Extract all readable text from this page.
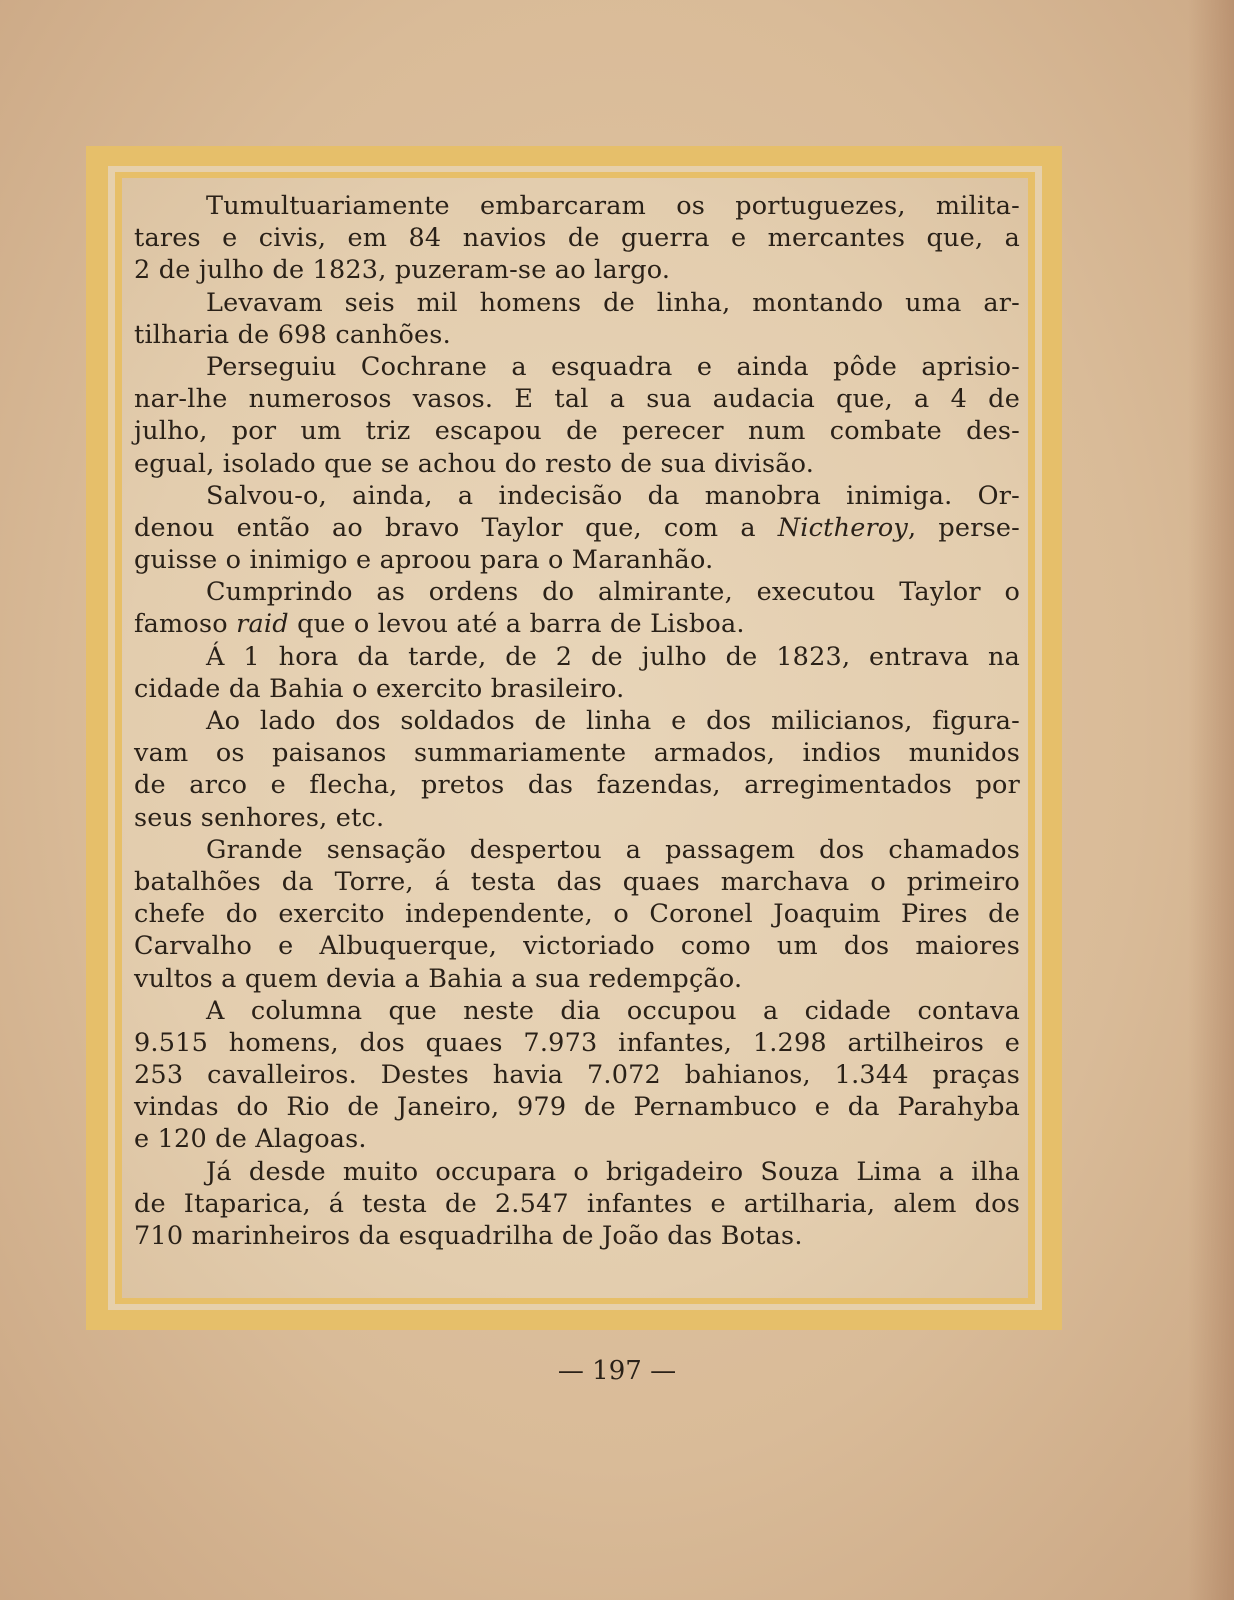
Tumultuariamente embarcaram os portuguezes, milita-
tares e civis, em 84 navios de guerra e mercantes que, a
2 de julho de 1823, puzeram-se ao largo.
Levavam seis mil homens de linha, montando uma ar-
tilharia de 698 canhões.
Perseguiu Cochrane a esquadra e ainda pôde aprisio-
nar-lhe numerosos vasos. E tal a sua audacia que, a 4 de
julho, por um triz escapou de perecer num combate des-
egual, isolado que se achou do resto de sua divisão.
Salvou-o, ainda, a indecisão da manobra inimiga. Or-
denou então ao bravo Taylor que, com a Nictheroy, perse-
guisse o inimigo e aproou para o Maranhão.
Cumprindo as ordens do almirante, executou Taylor o
famoso raid que o levou até a barra de Lisboa.
Á 1 hora da tarde, de 2 de julho de 1823, entrava na
cidade da Bahia o exercito brasileiro.
Ao lado dos soldados de linha e dos milicianos, figura-
vam os paisanos summariamente armados, indios munidos
de arco e flecha, pretos das fazendas, arregimentados por
seus senhores, etc.
Grande sensação despertou a passagem dos chamados
batalhões da Torre, á testa das quaes marchava o primeiro
chefe do exercito independente, o Coronel Joaquim Pires de
Carvalho e Albuquerque, victoriado como um dos maiores
vultos a quem devia a Bahia a sua redempção.
A columna que neste dia occupou a cidade contava
9.515 homens, dos quaes 7.973 infantes, 1.298 artilheiros e
253 cavalleiros. Destes havia 7.072 bahianos, 1.344 praças
vindas do Rio de Janeiro, 979 de Pernambuco e da Parahyba
e 120 de Alagoas.
Já desde muito occupara o brigadeiro Souza Lima a ilha
de Itaparica, á testa de 2.547 infantes e artilharia, alem dos
710 marinheiros da esquadrilha de João das Botas.
— 197 —
